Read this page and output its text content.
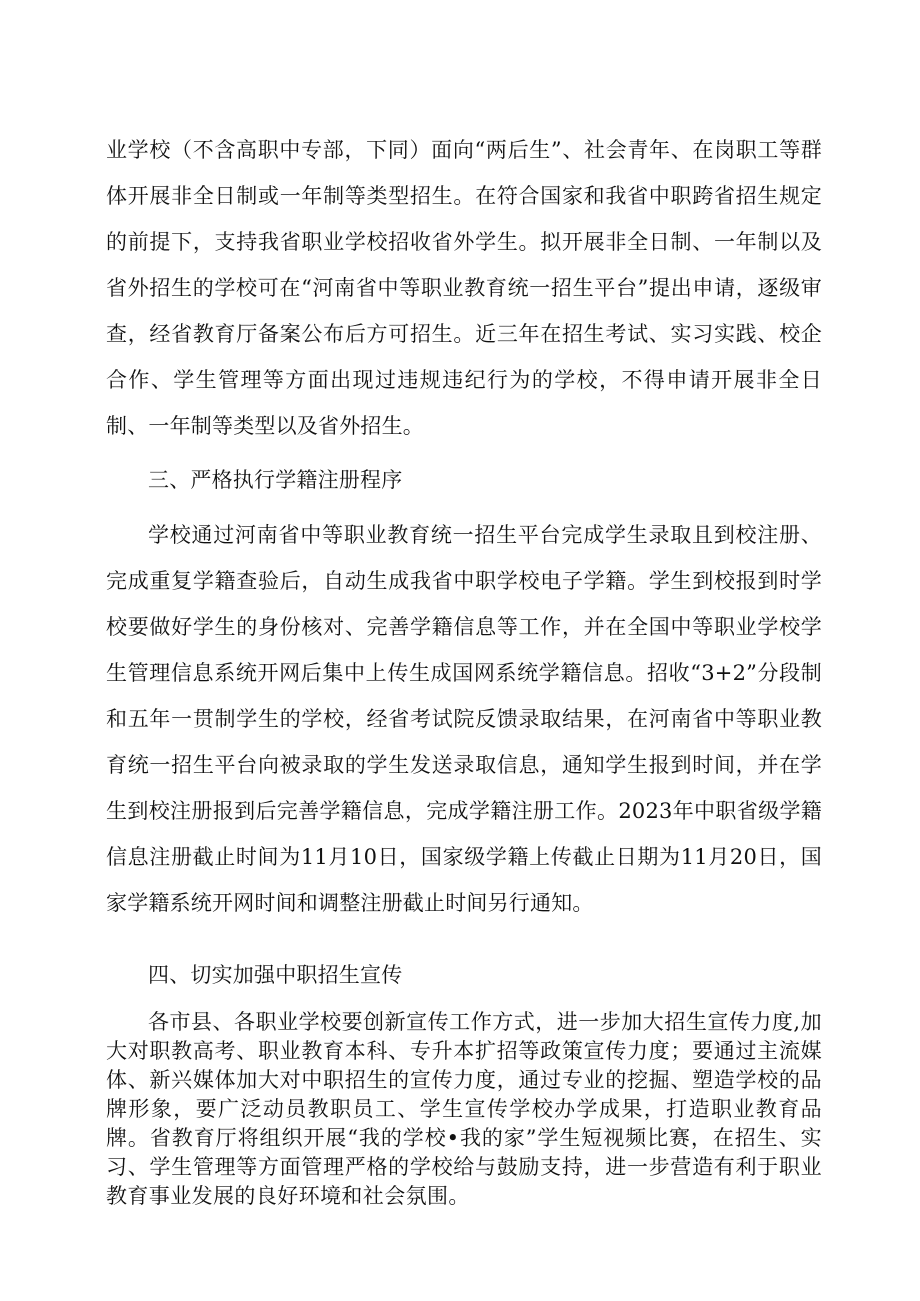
业学校（不含高职中专部，下同）面向“两后生”、社会青年、在岗职工等群体开展非全日制或一年制等类型招生。在符合国家和我省中职跨省招生规定的前提下，支持我省职业学校招收省外学生。拟开展非全日制、一年制以及省外招生的学校可在“河南省中等职业教育统一招生平台”提出申请，逐级审查，经省教育厅备案公布后方可招生。近三年在招生考试、实习实践、校企合作、学生管理等方面出现过违规违纪行为的学校，不得申请开展非全日制、一年制等类型以及省外招生。

三、严格执行学籍注册程序

学校通过河南省中等职业教育统一招生平台完成学生录取且到校注册、完成重复学籍查验后，自动生成我省中职学校电子学籍。学生到校报到时学校要做好学生的身份核对、完善学籍信息等工作，并在全国中等职业学校学生管理信息系统开网后集中上传生成国网系统学籍信息。招收“3+2”分段制和五年一贯制学生的学校，经省考试院反馈录取结果，在河南省中等职业教育统一招生平台向被录取的学生发送录取信息，通知学生报到时间，并在学生到校注册报到后完善学籍信息，完成学籍注册工作。2023年中职省级学籍信息注册截止时间为11月10日，国家级学籍上传截止日期为11月20日，国家学籍系统开网时间和调整注册截止时间另行通知。

四、切实加强中职招生宣传

各市县、各职业学校要创新宣传工作方式，进一步加大招生宣传力度,加大对职教高考、职业教育本科、专升本扩招等政策宣传力度；要通过主流媒体、新兴媒体加大对中职招生的宣传力度，通过专业的挖掘、塑造学校的品牌形象，要广泛动员教职员工、学生宣传学校办学成果，打造职业教育品牌。省教育厅将组织开展“我的学校•我的家”学生短视频比赛，在招生、实习、学生管理等方面管理严格的学校给与鼓励支持，进一步营造有利于职业教育事业发展的良好环境和社会氛围。
